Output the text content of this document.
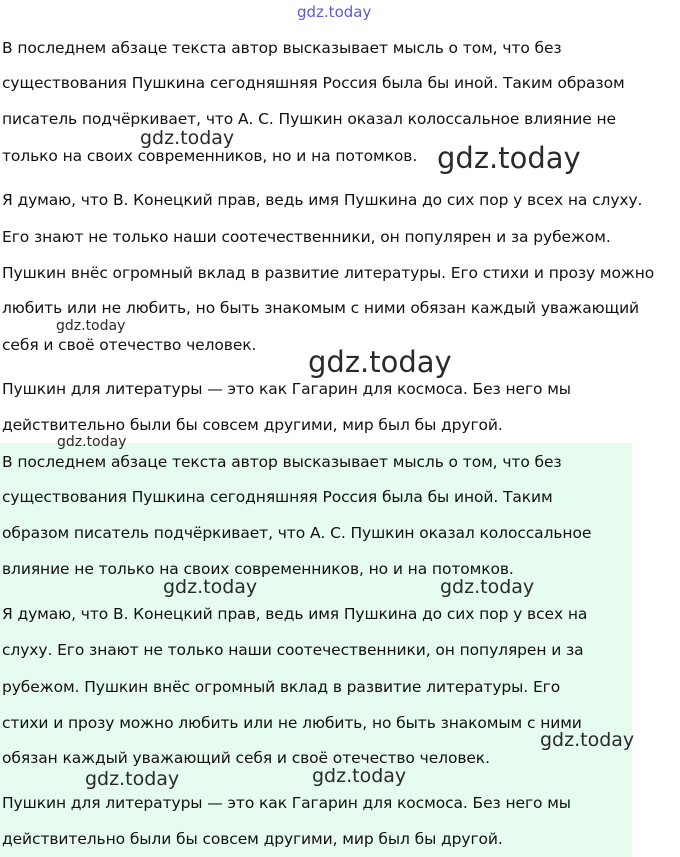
В последнем абзаце текста автор высказывает мысль о том, что без
существования Пушкина сегодняшняя Россия была бы иной. Таким образом
писатель подчёркивает, что А. С. Пушкин оказал колоссальное влияние не
только на своих современников, но и на потомков.
Я думаю, что В. Конецкий прав, ведь имя Пушкина до сих пор у всех на слуху.
Его знают не только наши соотечественники, он популярен и за рубежом.
Пушкин внёс огромный вклад в развитие литературы. Его стихи и прозу можно
любить или не любить, но быть знакомым с ними обязан каждый уважающий
себя и своё отечество человек.
Пушкин для литературы — это как Гагарин для космоса. Без него мы
действительно были бы совсем другими, мир был бы другой.
В последнем абзаце текста автор высказывает мысль о том, что без
существования Пушкина сегодняшняя Россия была бы иной. Таким
образом писатель подчёркивает, что А. С. Пушкин оказал колоссальное
влияние не только на своих современников, но и на потомков.
Я думаю, что В. Конецкий прав, ведь имя Пушкина до сих пор у всех на
слуху. Его знают не только наши соотечественники, он популярен и за
рубежом. Пушкин внёс огромный вклад в развитие литературы. Его
стихи и прозу можно любить или не любить, но быть знакомым с ними
обязан каждый уважающий себя и своё отечество человек.
Пушкин для литературы — это как Гагарин для космоса. Без него мы
действительно были бы совсем другими, мир был бы другой.
gdz.today
gdz.today
gdz.today
gdz.today
gdz.today
gdz.today
gdz.today	gdz.today
gdz.today
gdz.today	gdz.today
